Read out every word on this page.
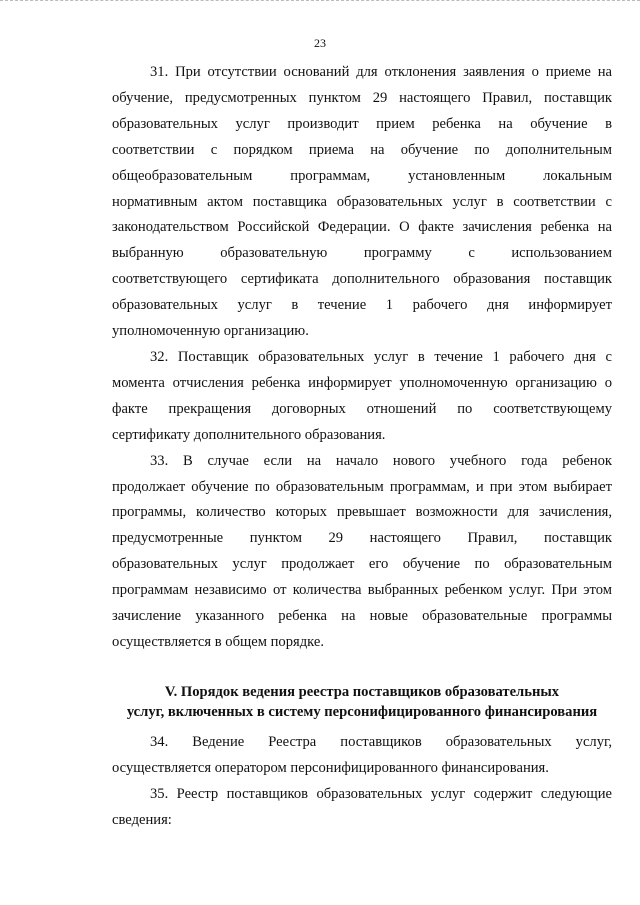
23
31. При отсутствии оснований для отклонения заявления о приеме на
обучение, предусмотренных пунктом 29 настоящего Правил, поставщик
образовательных услуг производит прием ребенка на обучение в
соответствии с порядком приема на обучение по дополнительным
общеобразовательным программам, установленным локальным
нормативным актом поставщика образовательных услуг в соответствии с
законодательством Российской Федерации. О факте зачисления ребенка на
выбранную образовательную программу с использованием
соответствующего сертификата дополнительного образования поставщик
образовательных услуг в течение 1 рабочего дня информирует
уполномоченную организацию.
32. Поставщик образовательных услуг в течение 1 рабочего дня с
момента отчисления ребенка информирует уполномоченную организацию о
факте прекращения договорных отношений по соответствующему
сертификату дополнительного образования.
33. В случае если на начало нового учебного года ребенок
продолжает обучение по образовательным программам, и при этом выбирает
программы, количество которых превышает возможности для зачисления,
предусмотренные пунктом 29 настоящего Правил, поставщик
образовательных услуг продолжает его обучение по образовательным
программам независимо от количества выбранных ребенком услуг. При этом
зачисление указанного ребенка на новые образовательные программы
осуществляется в общем порядке.
V. Порядок ведения реестра поставщиков образовательных
услуг, включенных в систему персонифицированного финансирования
34. Ведение Реестра поставщиков образовательных услуг,
осуществляется оператором персонифицированного финансирования.
35. Реестр поставщиков образовательных услуг содержит следующие
сведения:
